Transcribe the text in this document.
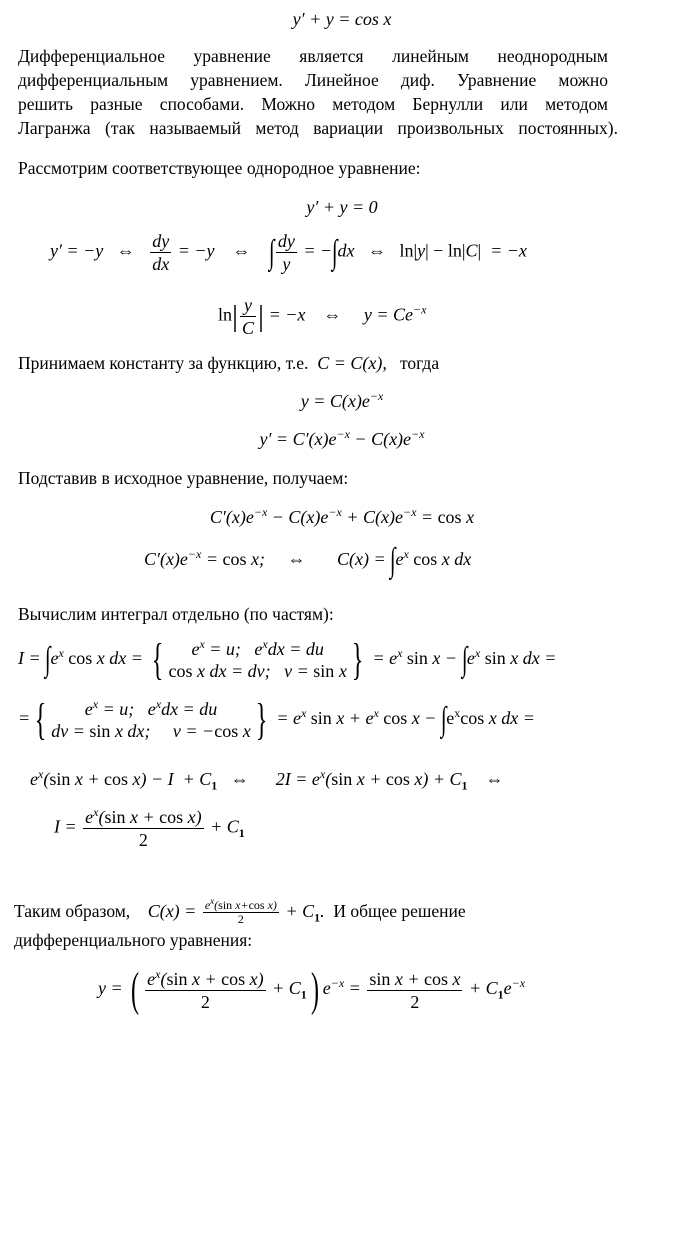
y′ + y = cos x
Дифференциальное уравнение является линейным неоднородным
дифференциальным уравнением. Линейное диф. Уравнение можно
решить разные способами. Можно методом Бернулли или методом
Лагранжа (так называемый метод вариации произвольных постоянных).
Рассмотрим соответствующее однородное уравнение:
y′ + y = 0
y′ = −y   ⇔ $\frac{dy}{dx} = -y$    ⇔    ∫ $\frac{dy}{y} = -\int dx$   ⇔   ln|y| − ln|C|  = −x
$\ln| \frac{y}{C}$ | = −x    ⇔     $y = Ce^{-x}$
Принимаем константу за функцию, т.е. C = C(x), тогда
$y = C(x)e^{-x}$
$y' = C'(x)e^{-x} - C(x)e^{-x}$
Подставив в исходное уравнение, получаем:
$C'(x)e^{-x} - C(x)e^{-x} + C(x)e^{-x} = \cos x$
$C'(x)e^{-x} = \cos x$;     ⇔       $C(x) = \int e^x$ cos x dx
Вычислим интеграл отдельно (по частям):
$I = \int e^x$ cos x dx = {	$e^x = u$;   $e^xdx$ = du
cos x dx = dv;   v = sin x } = $e^x$ $\sin x - \int e^x$ sin x dx =
= {	$e^x = u$;   $e^xdx$ = du
dv = sin x dx;     v = −cos x } = $e^x$ $\sin x + e^x$ $\cos x - \int e^x\cos$ x dx =
$e^x(\sin$ $x + \cos x) - I + C_1$   ⇔      $2I = e^x(\sin$ $x + \cos x) + C_1$    ⇔
$I = \frac{e^x(\sin x + \cos x)}{2} + C_1$
Таким образом, $C(x) = \frac{e^x(\sin x+\cos x)}{2} + C_1$. И общее решение
дифференциального уравнения:
y = ( $\frac{e^x(\sin x + \cos x)}{2} + C_1$) $e^{-x} = \frac{\text{sin x + cos x}}{2} + C_1e^{-x}$
